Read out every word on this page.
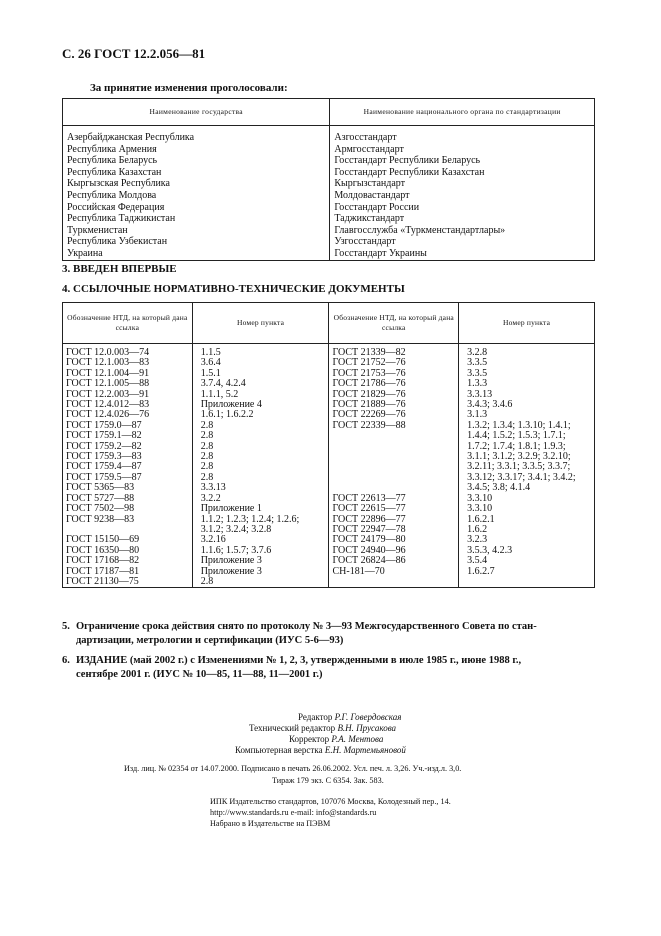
С. 26 ГОСТ 12.2.056—81
За принятие изменения проголосовали:
Наименование государства	Наименование национального органа по стандартизации
Азербайджанская Республика	Азгосстандарт
Республика Армения	Армгосстандарт
Республика Беларусь	Госстандарт Республики Беларусь
Республика Казахстан	Госстандарт Республики Казахстан
Кыргызская Республика	Кыргызстандарт
Республика Молдова	Молдовастандарт
Российская Федерация	Госстандарт России
Республика Таджикистан	Таджикстандарт
Туркменистан	Главгосслужба «Туркменстандартлары»
Республика Узбекистан	Узгосстандарт
Украина	Госстандарт Украины
3. ВВЕДЕН ВПЕРВЫЕ
4. ССЫЛОЧНЫЕ НОРМАТИВНО-ТЕХНИЧЕСКИЕ ДОКУМЕНТЫ
Обозначение НТД, на который дана ссылка	Номер пункта	Обозначение НТД, на который дана ссылка	Номер пункта
ГОСТ 12.0.003—74	1.1.5	ГОСТ 21339—82	3.2.8
ГОСТ 12.1.003—83	3.6.4	ГОСТ 21752—76	3.3.5
ГОСТ 12.1.004—91	1.5.1	ГОСТ 21753—76	3.3.5
ГОСТ 12.1.005—88	3.7.4, 4.2.4	ГОСТ 21786—76	1.3.3
ГОСТ 12.2.003—91	1.1.1, 5.2	ГОСТ 21829—76	3.3.13
ГОСТ 12.4.012—83	Приложение 4	ГОСТ 21889—76	3.4.3; 3.4.6
ГОСТ 12.4.026—76	1.6.1; 1.6.2.2	ГОСТ 22269—76	3.1.3
ГОСТ 1759.0—87	2.8	ГОСТ 22339—88	1.3.2; 1.3.4; 1.3.10; 1.4.1;
ГОСТ 1759.1—82	2.8		1.4.4; 1.5.2; 1.5.3; 1.7.1;
ГОСТ 1759.2—82	2.8		1.7.2; 1.7.4; 1.8.1; 1.9.3;
ГОСТ 1759.3—83	2.8		3.1.1; 3.1.2; 3.2.9; 3.2.10;
ГОСТ 1759.4—87	2.8		3.2.11; 3.3.1; 3.3.5; 3.3.7;
ГОСТ 1759.5—87	2.8		3.3.12; 3.3.17; 3.4.1; 3.4.2;
ГОСТ 5365—83	3.3.13		3.4.5; 3.8; 4.1.4
ГОСТ 5727—88	3.2.2	ГОСТ 22613—77	3.3.10
ГОСТ 7502—98	Приложение 1	ГОСТ 22615—77	3.3.10
ГОСТ 9238—83	1.1.2; 1.2.3; 1.2.4; 1.2.6;	ГОСТ 22896—77	1.6.2.1
	3.1.2; 3.2.4; 3.2.8	ГОСТ 22947—78	1.6.2
ГОСТ 15150—69	3.2.16	ГОСТ 24179—80	3.2.3
ГОСТ 16350—80	1.1.6; 1.5.7; 3.7.6	ГОСТ 24940—96	3.5.3, 4.2.3
ГОСТ 17168—82	Приложение 3	ГОСТ 26824—86	3.5.4
ГОСТ 17187—81	Приложение 3	СН-181—70	1.6.2.7
ГОСТ 21130—75	2.8		
5. Ограничение срока действия снято по протоколу № 3—93 Межгосударственного Совета по стан-
дартизации, метрологии и сертификации (ИУС 5-6—93)
6. ИЗДАНИЕ (май 2002 г.) с Изменениями № 1, 2, 3, утвержденными в июле 1985 г., июне 1988 г.,
сентябре 2001 г. (ИУС № 10—85, 11—88, 11—2001 г.)
Редактор Р.Г. Говердовская
Технический редактор В.Н. Прусакова
Корректор Р.А. Ментова
Компьютерная верстка Е.Н. Мартемьяновой
Изд. лиц. № 02354 от 14.07.2000. Подписано в печать 26.06.2002. Усл. печ. л. 3,26. Уч.-изд.л. 3,0.
Тираж 179 экз. С 6354. Зак. 583.
ИПК Издательство стандартов, 107076 Москва, Колодезный пер., 14.
http://www.standards.ru e-mail: info@standards.ru
Набрано в Издательстве на ПЭВМ
